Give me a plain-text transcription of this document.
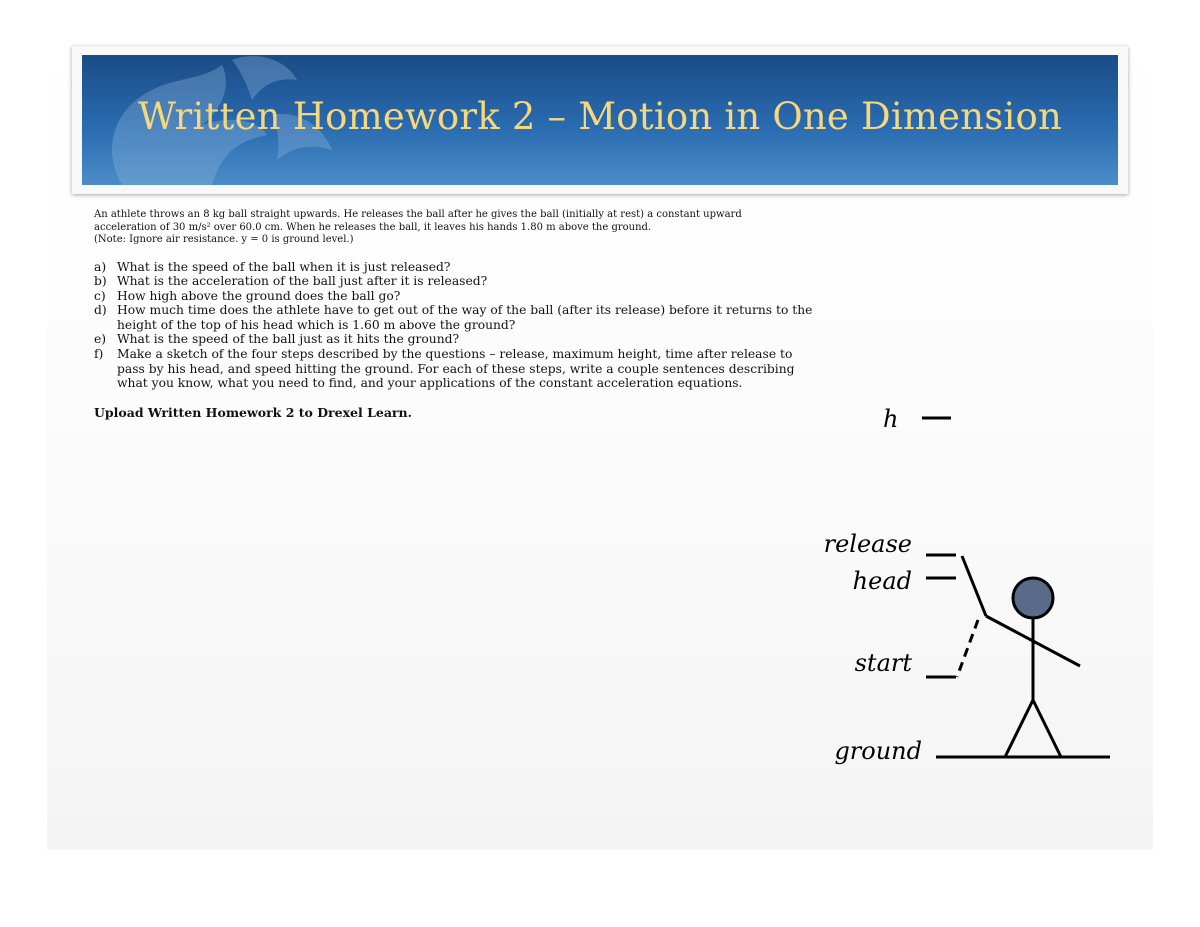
Written Homework 2 – Motion in One Dimension

An athlete throws an 8 kg ball straight upwards. He releases the ball after he gives the ball (initially at rest) a constant upward

acceleration of 30 m/s² over 60.0 cm. When he releases the ball, it leaves his hands 1.80 m above the ground.

(Note: Ignore air resistance. y = 0 is ground level.)

a) What is the speed of the ball when it is just released?
b) What is the acceleration of the ball just after it is released?
c) How high above the ground does the ball go?
d) How much time does the athlete have to get out of the way of the ball (after its release) before it returns to the height of the top of his head which is 1.60 m above the ground?
e) What is the speed of the ball just as it hits the ground?
f) Make a sketch of the four steps described by the questions – release, maximum height, time after release to pass by his head, and speed hitting the ground. For each of these steps, write a couple sentences describing what you know, what you need to find, and your applications of the constant acceleration equations.
Upload Written Homework 2 to Drexel Learn.	h
release
head
start
ground
